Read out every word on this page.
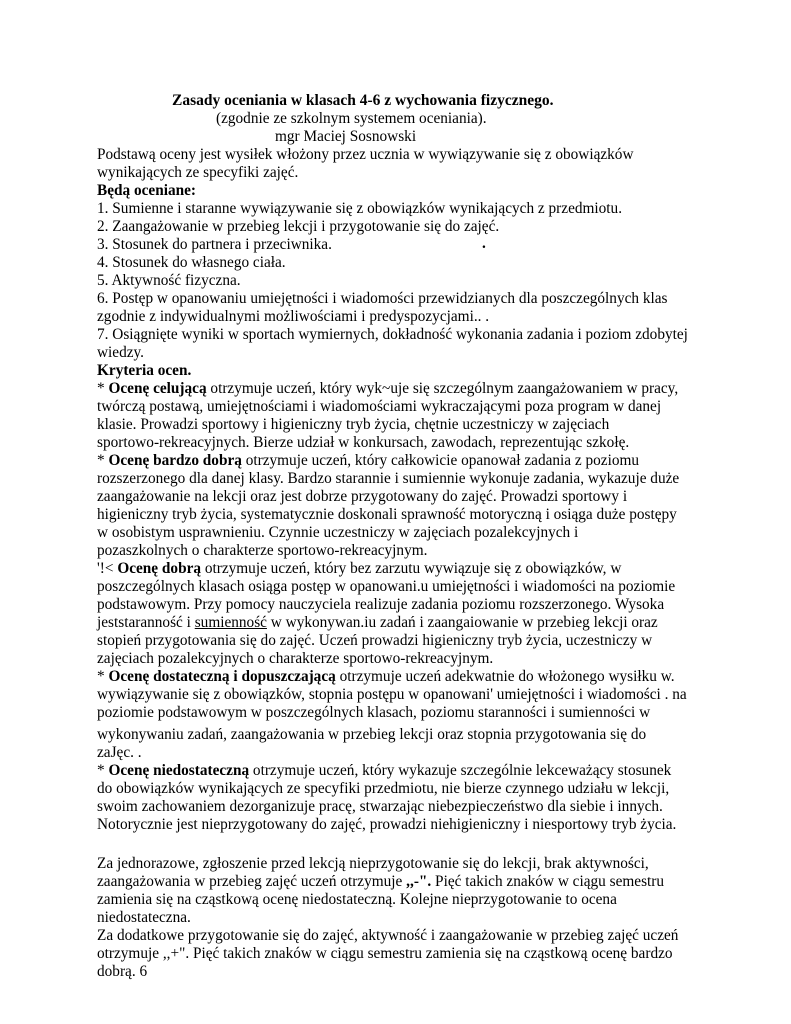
Zasady oceniania w klasach 4-6 z wychowania fizycznego.
(zgodnie ze szkolnym systemem oceniania).
mgr Maciej Sosnowski
Podstawą oceny jest wysiłek włożony przez ucznia w wywiązywanie się z obowiązków
wynikających ze specyfiki zajęć.
Będą oceniane:
1. Sumienne i staranne wywiązywanie się z obowiązków wynikających z przedmiotu.
2. Zaangażowanie w przebieg lekcji i przygotowanie się do zajęć.
3. Stosunek do partnera i przeciwnika.	.
4. Stosunek do własnego ciała.
5. Aktywność fizyczna.
6. Postęp w opanowaniu umiejętności i wiadomości przewidzianych dla poszczególnych klas
zgodnie z indywidualnymi możliwościami i predyspozycjami.. .
7. Osiągnięte wyniki w sportach wymiernych, dokładność wykonania zadania i poziom zdobytej
wiedzy.
Kryteria ocen.
* Ocenę celującą otrzymuje uczeń, który wyk~uje się szczególnym zaangażowaniem w pracy,
twórczą postawą, umiejętnościami i wiadomościami wykraczającymi poza program w danej
klasie. Prowadzi sportowy i higieniczny tryb życia, chętnie uczestniczy w zajęciach
sportowo-rekreacyjnych. Bierze udział w konkursach, zawodach, reprezentując szkołę.
* Ocenę bardzo dobrą otrzymuje uczeń, który całkowicie opanował zadania z poziomu
rozszerzonego dla danej klasy. Bardzo starannie i sumiennie wykonuje zadania, wykazuje duże
zaangażowanie na lekcji oraz jest dobrze przygotowany do zajęć. Prowadzi sportowy i
higieniczny tryb życia, systematycznie doskonali sprawność motoryczną i osiąga duże postępy
w osobistym usprawnieniu. Czynnie uczestniczy w zajęciach pozalekcyjnych i
pozaszkolnych o charakterze sportowo-rekreacyjnym.
'!< Ocenę dobrą otrzymuje uczeń, który bez zarzutu wywiązuje się z obowiązków, w
poszczególnych klasach osiąga postęp w opanowani.u umiejętności i wiadomości na poziomie
podstawowym. Przy pomocy nauczyciela realizuje zadania poziomu rozszerzonego. Wysoka
jeststaranność i sumienność w wykonywan.iu zadań i zaangaiowanie w przebieg lekcji oraz
stopień przygotowania się do zajęć. Uczeń prowadzi higieniczny tryb życia, uczestniczy w
zajęciach pozalekcyjnych o charakterze sportowo-rekreacyjnym.
* Ocenę dostateczną i dopuszczającą otrzymuje uczeń adekwatnie do włożonego wysiłku w.
wywiązywanie się z obowiązków, stopnia postępu w opanowani' umiejętności i wiadomości . na
poziomie podstawowym w poszczególnych klasach, poziomu staranności i sumienności w
wykonywaniu zadań, zaangażowania w przebieg lekcji oraz stopnia przygotowania się do
zaJęc. .
* Ocenę niedostateczną otrzymuje uczeń, który wykazuje szczególnie lekceważący stosunek
do obowiązków wynikających ze specyfiki przedmiotu, nie bierze czynnego udziału w lekcji,
swoim zachowaniem dezorganizuje pracę, stwarzając niebezpieczeństwo dla siebie i innych.
Notorycznie jest nieprzygotowany do zajęć, prowadzi niehigieniczny i niesportowy tryb życia.
Za jednorazowe, zgłoszenie przed lekcją nieprzygotowanie się do lekcji, brak aktywności,
zaangażowania w przebieg zajęć uczeń otrzymuje ,,-". Pięć takich znaków w ciągu semestru
zamienia się na cząstkową ocenę niedostateczną. Kolejne nieprzygotowanie to ocena
niedostateczna.
Za dodatkowe przygotowanie się do zajęć, aktywność i zaangażowanie w przebieg zajęć uczeń
otrzymuje ,,+". Pięć takich znaków w ciągu semestru zamienia się na cząstkową ocenę bardzo
dobrą. 6
